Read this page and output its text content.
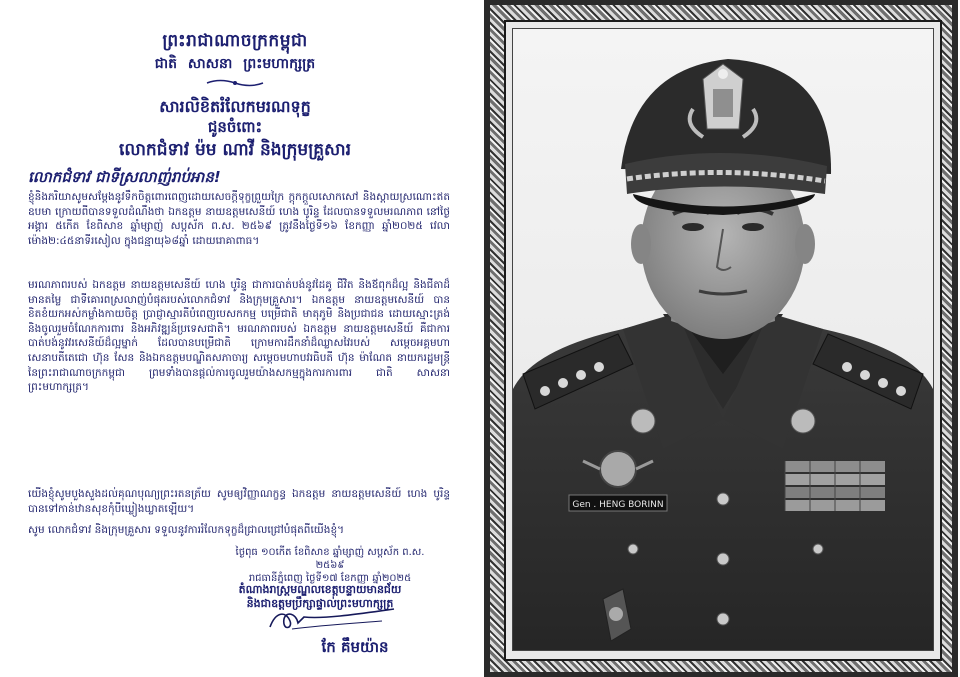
ព្រះរាជាណាចក្រកម្ពុជា
ជាតិ សាសនា ព្រះមហាក្សត្រ
សារលិខិតរំលែកមរណទុក្ខ
ជូនចំពោះ
លោកជំទាវ ម៉ម ណាវី និងក្រុមគ្រួសារ
លោកជំទាវ ជាទីស្រលាញ់រាប់អាន!
ខ្ញុំនិងភរិយាសូមសម្តែងនូវទឹកចិត្តពោរពេញដោយសេចក្តីទុក្ខព្រួយក្រៃ ក្តុកក្តួលសោកសៅ និងស្តាយស្រណោះឥតឧបមា ក្រោយពីបានទទួលដំណឹងថា ឯកឧត្តម នាយឧត្តមសេនីយ៍ ហេង បូរិន្ទ ដែលបានទទួលមរណភាព នៅថ្ងៃអង្គារ ៥កើត ខែពិសាខ ឆ្នាំម្សាញ់ សប្តស័ក ព.ស. ២៥៦៩ ត្រូវនឹងថ្ងៃទី១៦ ខែកញ្ញា ឆ្នាំ២០២៥ វេលាម៉ោង២:៤៥នាទីរសៀល ក្នុងជន្មាយុ៦៨ឆ្នាំ ដោយរោគាពាធ។
មរណភាពរបស់ ឯកឧត្តម នាយឧត្តមសេនីយ៍ ហេង បូរិន្ទ ជាការបាត់បង់នូវដៃគូ ជីវិត និងឪពុកដ៏ល្អ និងជីតាដ៏មានតម្លៃ ជាទីគោរពស្រលាញ់បំផុតរបស់លោកជំទាវ និងក្រុមគ្រួសារ។ ឯកឧត្តម នាយឧត្តមសេនីយ៍ បានខិតខំយកអស់កម្លាំងកាយចិត្ត ប្រាជ្ញាស្មារតីបំពេញបេសកកម្ម បម្រើជាតិ មាតុភូមិ និងប្រជាជន ដោយស្មោះត្រង់ និងចូលរួមចំណែកការពារ និងអភិវឌ្ឍន៍ប្រទេសជាតិ។ មរណភាពរបស់ ឯកឧត្តម នាយឧត្តមសេនីយ៍ គឺជាការបាត់បង់នូវវរសេនីយ៍ដ៏ល្អម្នាក់ ដែលបានបម្រើជាតិ ក្រោមការដឹកនាំដ៏ឈ្លាសវៃរបស់ សម្តេចអគ្គមហាសេនាបតីតេជោ ហ៊ុន សែន និងឯកឧត្តមបណ្ឌិតសភាចារ្យ សម្តេចមហាបវរធិបតី ហ៊ុន ម៉ាណែត នាយករដ្ឋមន្ត្រី នៃព្រះរាជាណាចក្រកម្ពុជា ព្រមទាំងបានផ្តល់ការចូលរួមយ៉ាងសកម្មក្នុងការការពារ ជាតិ សាសនា ព្រះមហាក្សត្រ។
យើងខ្ញុំសូមបួងសួងដល់គុណបុណ្យព្រះរតនត្រ័យ សូមឲ្យវិញ្ញាណក្ខន្ធ ឯកឧត្តម នាយឧត្តមសេនីយ៍ ហេង បូរិន្ទ បានទៅកាន់ឋានសុខកុំបីឃ្លៀងឃ្លាតឡើយ។
សូម លោកជំទាវ និងក្រុមគ្រួសារ ទទួលនូវការរំលែកទុក្ខដ៏ជ្រាលជ្រៅបំផុតពីយើងខ្ញុំ។
ថ្ងៃពុធ ១០កើត ខែពិសាខ ឆ្នាំម្សាញ់ សប្តស័ក ព.ស. ២៥៦៩
រាជធានីភ្នំពេញ ថ្ងៃទី១៧ ខែកញ្ញា ឆ្នាំ២០២៥
តំណាងរាស្ត្រមណ្ឌលខេត្តបន្ទាយមានជ័យ
និងជាឧត្តមប្រឹក្សាផ្ទាល់ព្រះមហាក្សត្រ
កែ គឹមយ៉ាន
Gen . HENG BORINN
